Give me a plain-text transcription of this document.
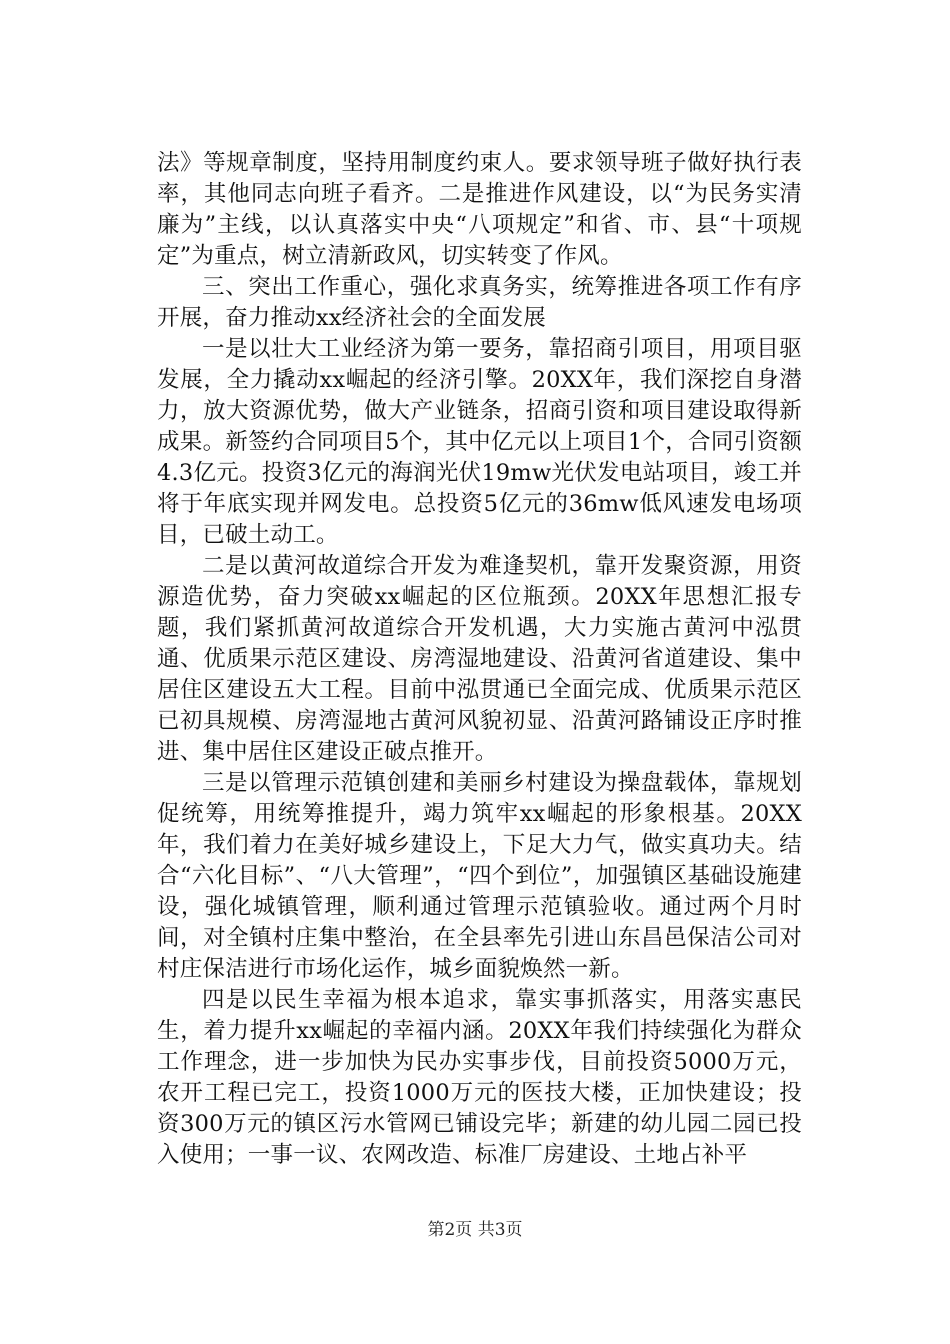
法》等规章制度，坚持用制度约束人。要求领导班子做好执行表率，其他同志向班子看齐。二是推进作风建设，以“为民务实清廉为”主线，以认真落实中央“八项规定”和省、市、县“十项规定”为重点，树立清新政风，切实转变了作风。

三、突出工作重心，强化求真务实，统筹推进各项工作有序开展，奋力推动xx经济社会的全面发展

一是以壮大工业经济为第一要务，靠招商引项目，用项目驱发展，全力撬动xx崛起的经济引擎。20XX年，我们深挖自身潜力，放大资源优势，做大产业链条，招商引资和项目建设取得新成果。新签约合同项目5个，其中亿元以上项目1个，合同引资额4.3亿元。投资3亿元的海润光伏19mw光伏发电站项目，竣工并将于年底实现并网发电。总投资5亿元的36mw低风速发电场项目，已破土动工。

二是以黄河故道综合开发为难逢契机，靠开发聚资源，用资源造优势，奋力突破xx崛起的区位瓶颈。20XX年思想汇报专题，我们紧抓黄河故道综合开发机遇，大力实施古黄河中泓贯通、优质果示范区建设、房湾湿地建设、沿黄河省道建设、集中居住区建设五大工程。目前中泓贯通已全面完成、优质果示范区已初具规模、房湾湿地古黄河风貌初显、沿黄河路铺设正序时推进、集中居住区建设正破点推开。

三是以管理示范镇创建和美丽乡村建设为操盘载体，靠规划促统筹，用统筹推提升，竭力筑牢xx崛起的形象根基。20XX年，我们着力在美好城乡建设上，下足大力气，做实真功夫。结合“六化目标”、“八大管理”，“四个到位”，加强镇区基础设施建设，强化城镇管理，顺利通过管理示范镇验收。通过两个月时间，对全镇村庄集中整治，在全县率先引进山东昌邑保洁公司对村庄保洁进行市场化运作，城乡面貌焕然一新。

四是以民生幸福为根本追求，靠实事抓落实，用落实惠民生，着力提升xx崛起的幸福内涵。20XX年我们持续强化为群众工作理念，进一步加快为民办实事步伐，目前投资5000万元，农开工程已完工，投资1000万元的医技大楼，正加快建设；投资300万元的镇区污水管网已铺设完毕；新建的幼儿园二园已投入使用；一事一议、农网改造、标准厂房建设、土地占补平

第2页 共3页
